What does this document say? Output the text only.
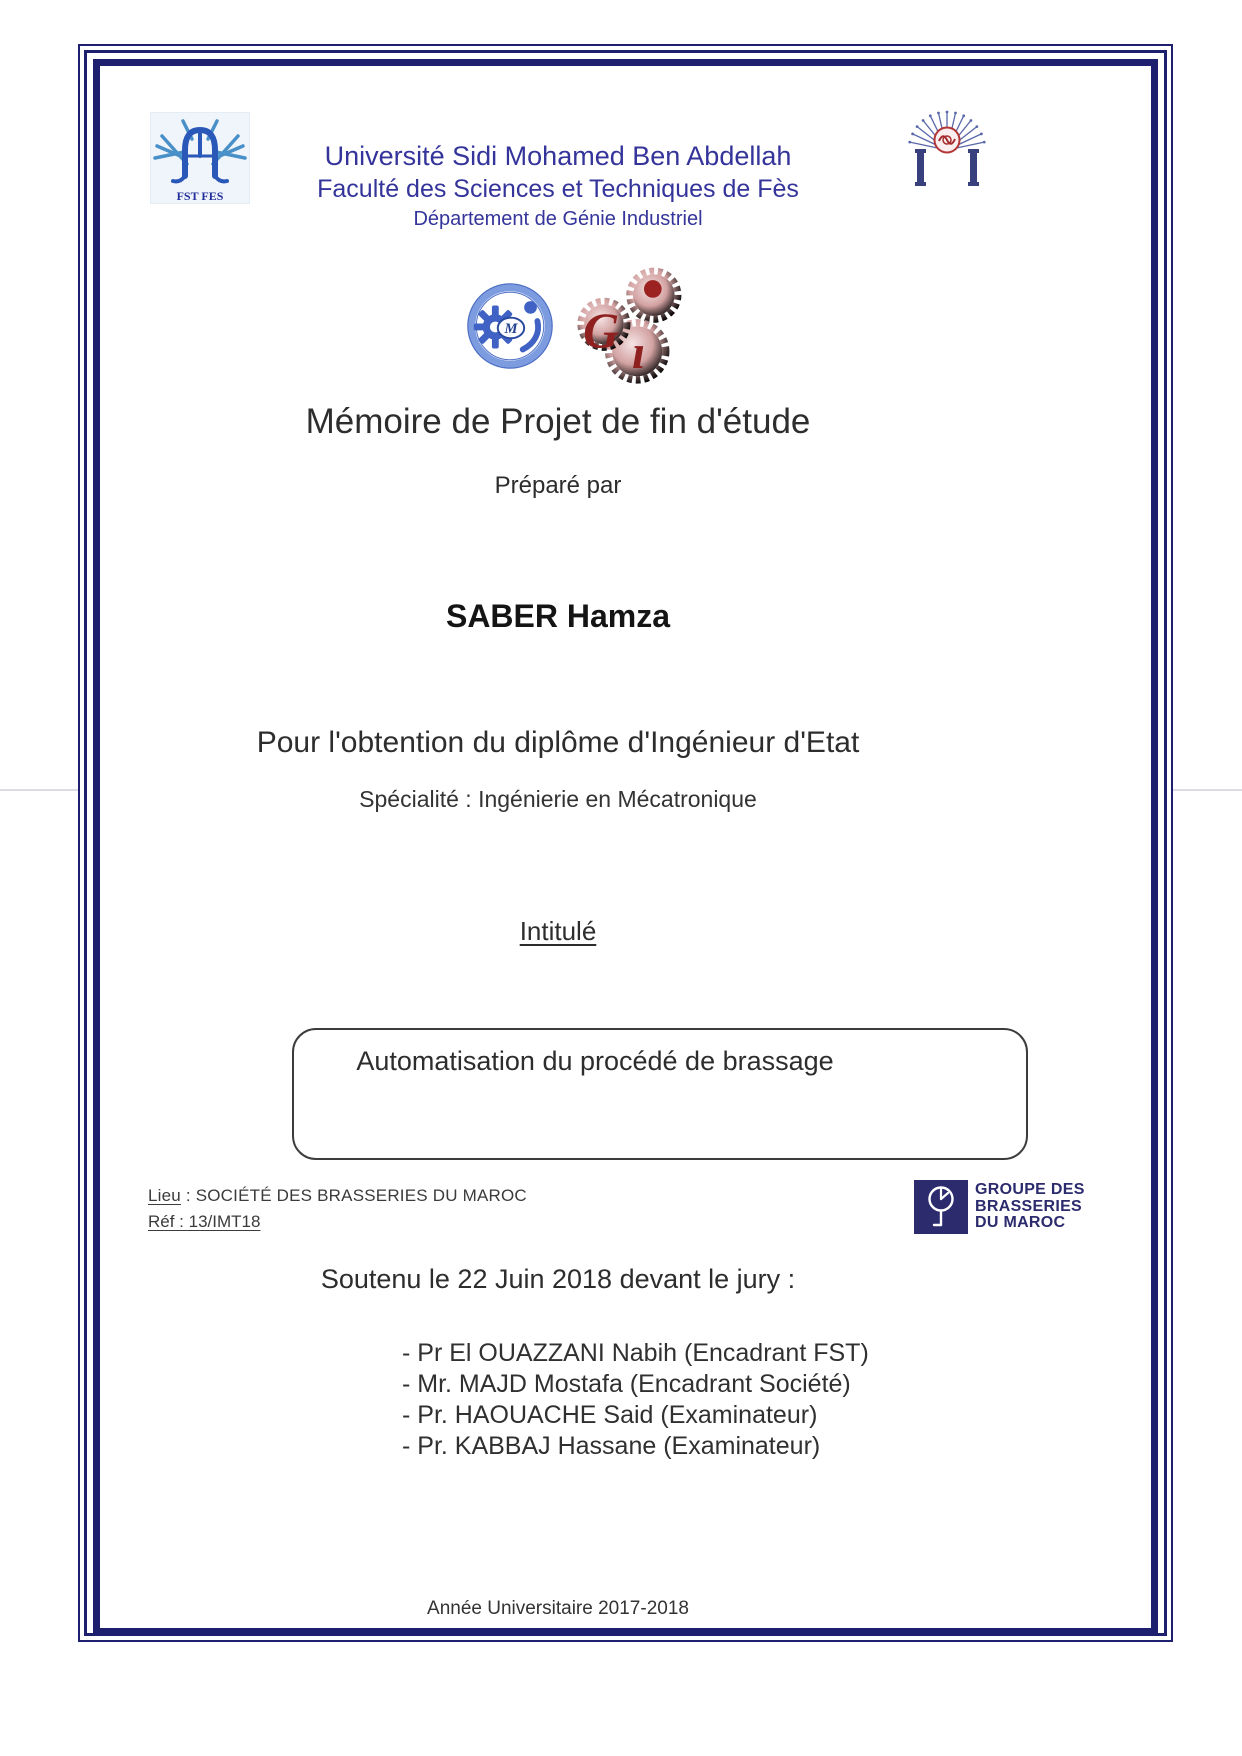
FST FES
Université Sidi Mohamed Ben Abdellah
Faculté des Sciences et Techniques de Fès
Département de Génie Industriel
M G ı
Mémoire de Projet de fin d'étude
Préparé par
SABER Hamza
Pour l'obtention du diplôme d'Ingénieur d'Etat
Spécialité : Ingénierie en Mécatronique
Intitulé
Automatisation du procédé de brassage
Lieu : SOCIÉTÉ DES BRASSERIES DU MAROC
Réf : 13/IMT18
GROUPE DES
BRASSERIES
DU MAROC
Soutenu le 22 Juin 2018 devant le jury :
- Pr El OUAZZANI Nabih (Encadrant FST)
- Mr. MAJD Mostafa (Encadrant Société)
- Pr. HAOUACHE Said (Examinateur)
- Pr. KABBAJ Hassane (Examinateur)
Année Universitaire 2017-2018
